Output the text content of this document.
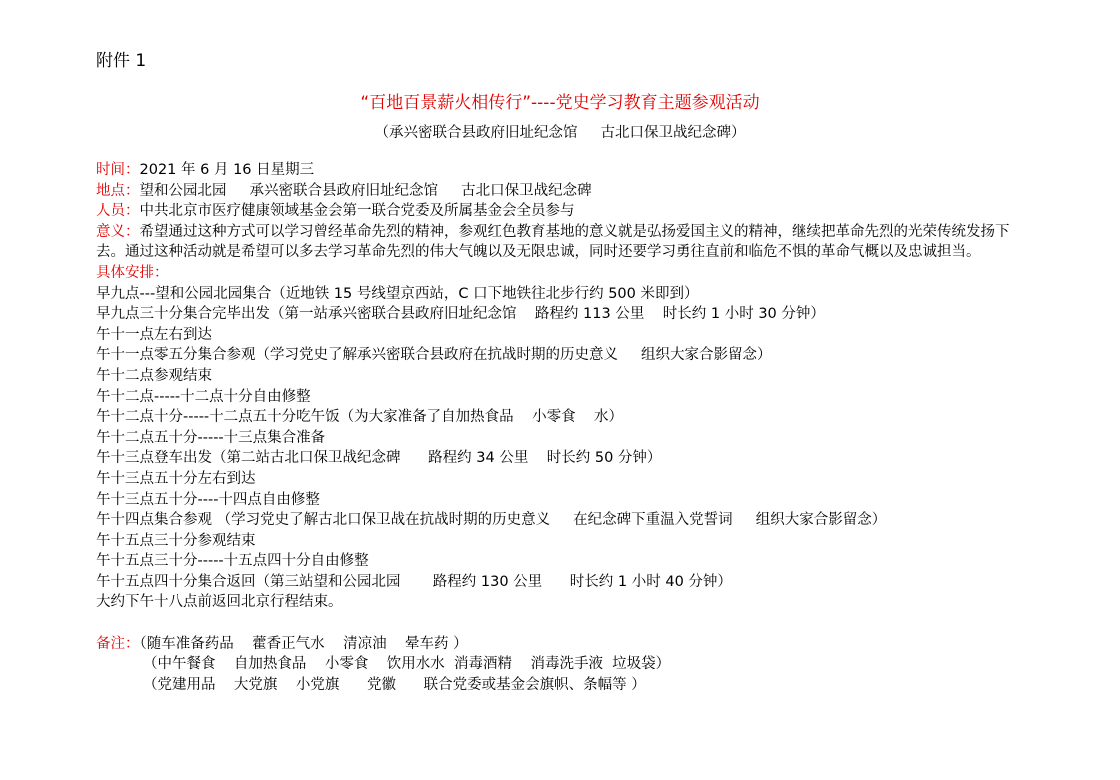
附件 1
“百地百景薪火相传行”----党史学习教育主题参观活动
（承兴密联合县政府旧址纪念馆     古北口保卫战纪念碑）
时间：2021 年 6 月 16 日星期三
地点：望和公园北园     承兴密联合县政府旧址纪念馆     古北口保卫战纪念碑
人员：中共北京市医疗健康领域基金会第一联合党委及所属基金会全员参与
意义：希望通过这种方式可以学习曾经革命先烈的精神，参观红色教育基地的意义就是弘扬爱国主义的精神，继续把革命先烈的光荣传统发扬下去。通过这种活动就是希望可以多去学习革命先烈的伟大气魄以及无限忠诚，同时还要学习勇往直前和临危不惧的革命气概以及忠诚担当。
具体安排：
早九点---望和公园北园集合（近地铁 15 号线望京西站，C 口下地铁往北步行约 500 米即到）
早九点三十分集合完毕出发（第一站承兴密联合县政府旧址纪念馆    路程约 113 公里    时长约 1 小时 30 分钟）
午十一点左右到达
午十一点零五分集合参观（学习党史了解承兴密联合县政府在抗战时期的历史意义     组织大家合影留念）
午十二点参观结束
午十二点-----十二点十分自由修整
午十二点十分-----十二点五十分吃午饭（为大家准备了自加热食品    小零食    水）
午十二点五十分-----十三点集合准备
午十三点登车出发（第二站古北口保卫战纪念碑      路程约 34 公里    时长约 50 分钟）
午十三点五十分左右到达
午十三点五十分----十四点自由修整
午十四点集合参观 （学习党史了解古北口保卫战在抗战时期的历史意义     在纪念碑下重温入党誓词     组织大家合影留念）
午十五点三十分参观结束
午十五点三十分-----十五点四十分自由修整
午十五点四十分集合返回（第三站望和公园北园       路程约 130 公里      时长约 1 小时 40 分钟）
大约下午十八点前返回北京行程结束。
备注：（随车准备药品    藿香正气水    清凉油    晕车药 ）
（中午餐食    自加热食品    小零食    饮用水水  消毒酒精    消毒洗手液  垃圾袋）
（党建用品    大党旗    小党旗      党徽      联合党委或基金会旗帜、条幅等 ）
